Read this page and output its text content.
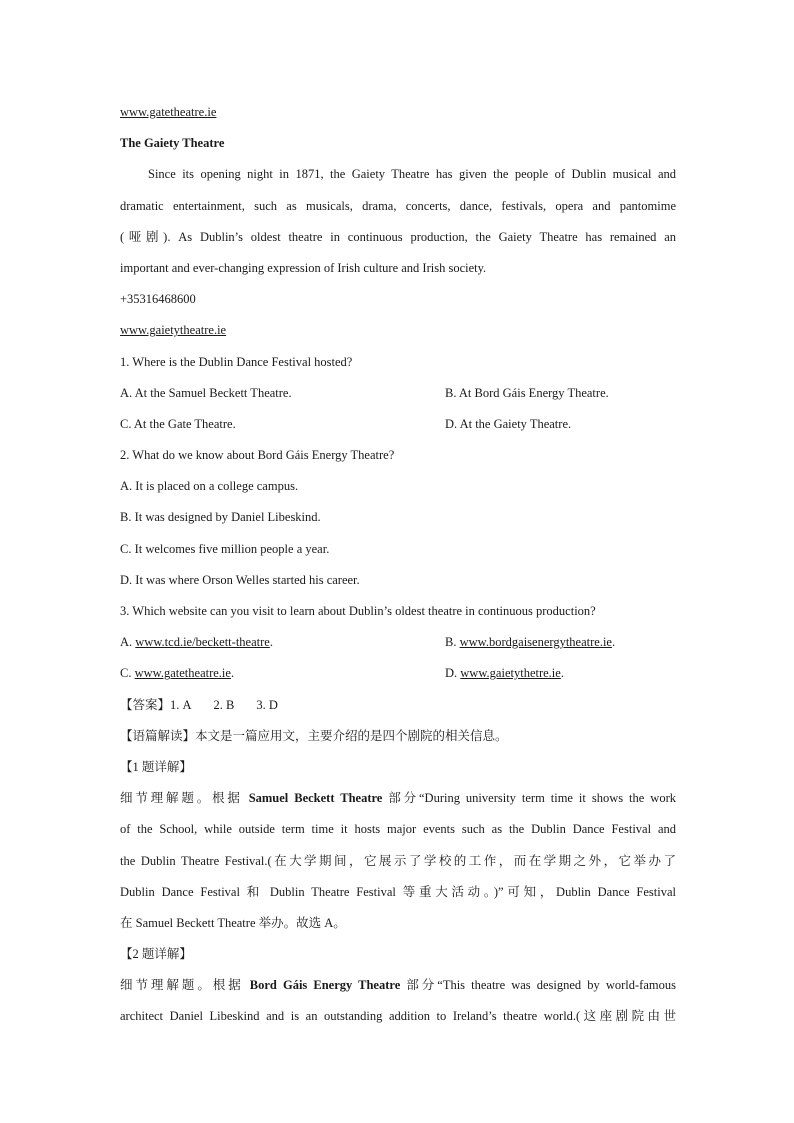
www.gatetheatre.ie
The Gaiety Theatre
Since its opening night in 1871, the Gaiety Theatre has given the people of Dublin musical and
dramatic entertainment, such as musicals, drama, concerts, dance, festivals, opera and pantomime
(哑剧). As Dublin’s oldest theatre in continuous production, the Gaiety Theatre has remained an
important and ever-changing expression of Irish culture and Irish society.
+35316468600
www.gaietytheatre.ie
1. Where is the Dublin Dance Festival hosted?
A. At the Samuel Beckett Theatre.	B. At Bord Gáis Energy Theatre.
C. At the Gate Theatre.	D. At the Gaiety Theatre.
2. What do we know about Bord Gáis Energy Theatre?
A. It is placed on a college campus.
B. It was designed by Daniel Libeskind.
C. It welcomes five million people a year.
D. It was where Orson Welles started his career.
3. Which website can you visit to learn about Dublin’s oldest theatre in continuous production?
A. www.tcd.ie/beckett-theatre.	B. www.bordgaisenergytheatre.ie.
C. www.gatetheatre.ie.	D. www.gaietythetre.ie.
【答案】1. A 2. B 3. D
【语篇解读】本文是一篇应用文，主要介绍的是四个剧院的相关信息。
【1 题详解】
细节理解题。根据 Samuel Beckett Theatre 部分“During university term time it shows the work
of the School, while outside term time it hosts major events such as the Dublin Dance Festival and
the Dublin Theatre Festival.(在大学期间，它展示了学校的工作，而在学期之外，它举办了
Dublin Dance Festival 和 Dublin Theatre Festival 等重大活动。)”可知，Dublin Dance Festival
在 Samuel Beckett Theatre 举办。故选 A。
【2 题详解】
细节理解题。根据 Bord Gáis Energy Theatre 部分“This theatre was designed by world-famous
architect Daniel Libeskind and is an outstanding addition to Ireland’s theatre world.(这座剧院由世
